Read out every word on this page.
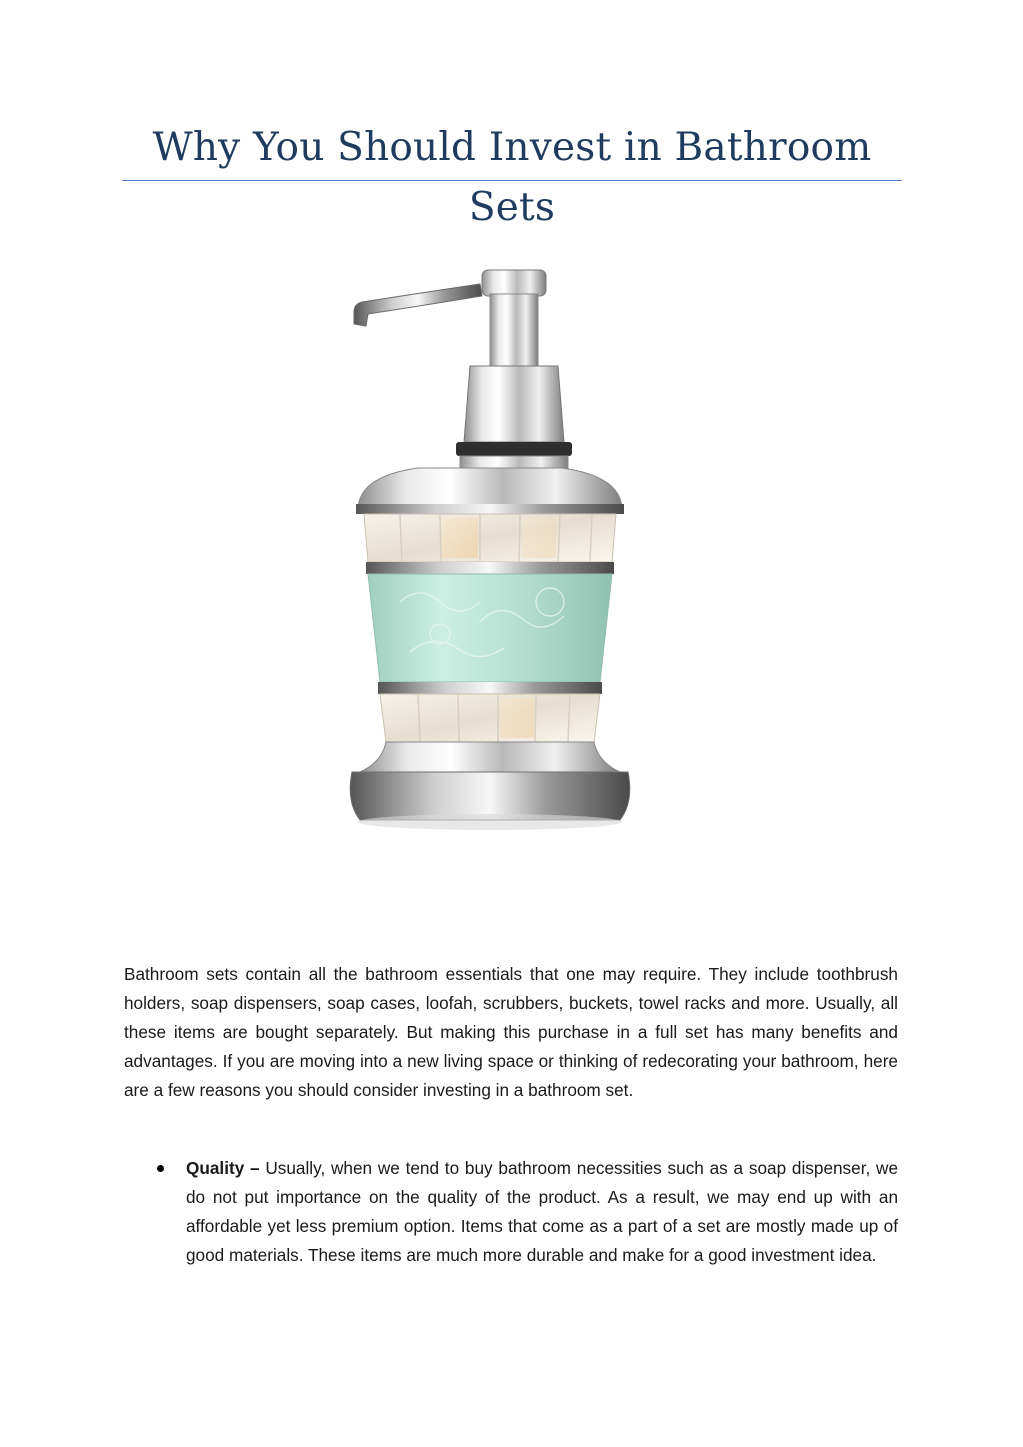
Why You Should Invest in Bathroom Sets

Bathroom sets contain all the bathroom essentials that one may require. They include toothbrush holders, soap dispensers, soap cases, loofah, scrubbers, buckets, towel racks and more. Usually, all these items are bought separately. But making this purchase in a full set has many benefits and advantages. If you are moving into a new living space or thinking of redecorating your bathroom, here are a few reasons you should consider investing in a bathroom set.

Quality – Usually, when we tend to buy bathroom necessities such as a soap dispenser, we do not put importance on the quality of the product. As a result, we may end up with an affordable yet less premium option. Items that come as a part of a set are mostly made up of good materials. These items are much more durable and make for a good investment idea.
